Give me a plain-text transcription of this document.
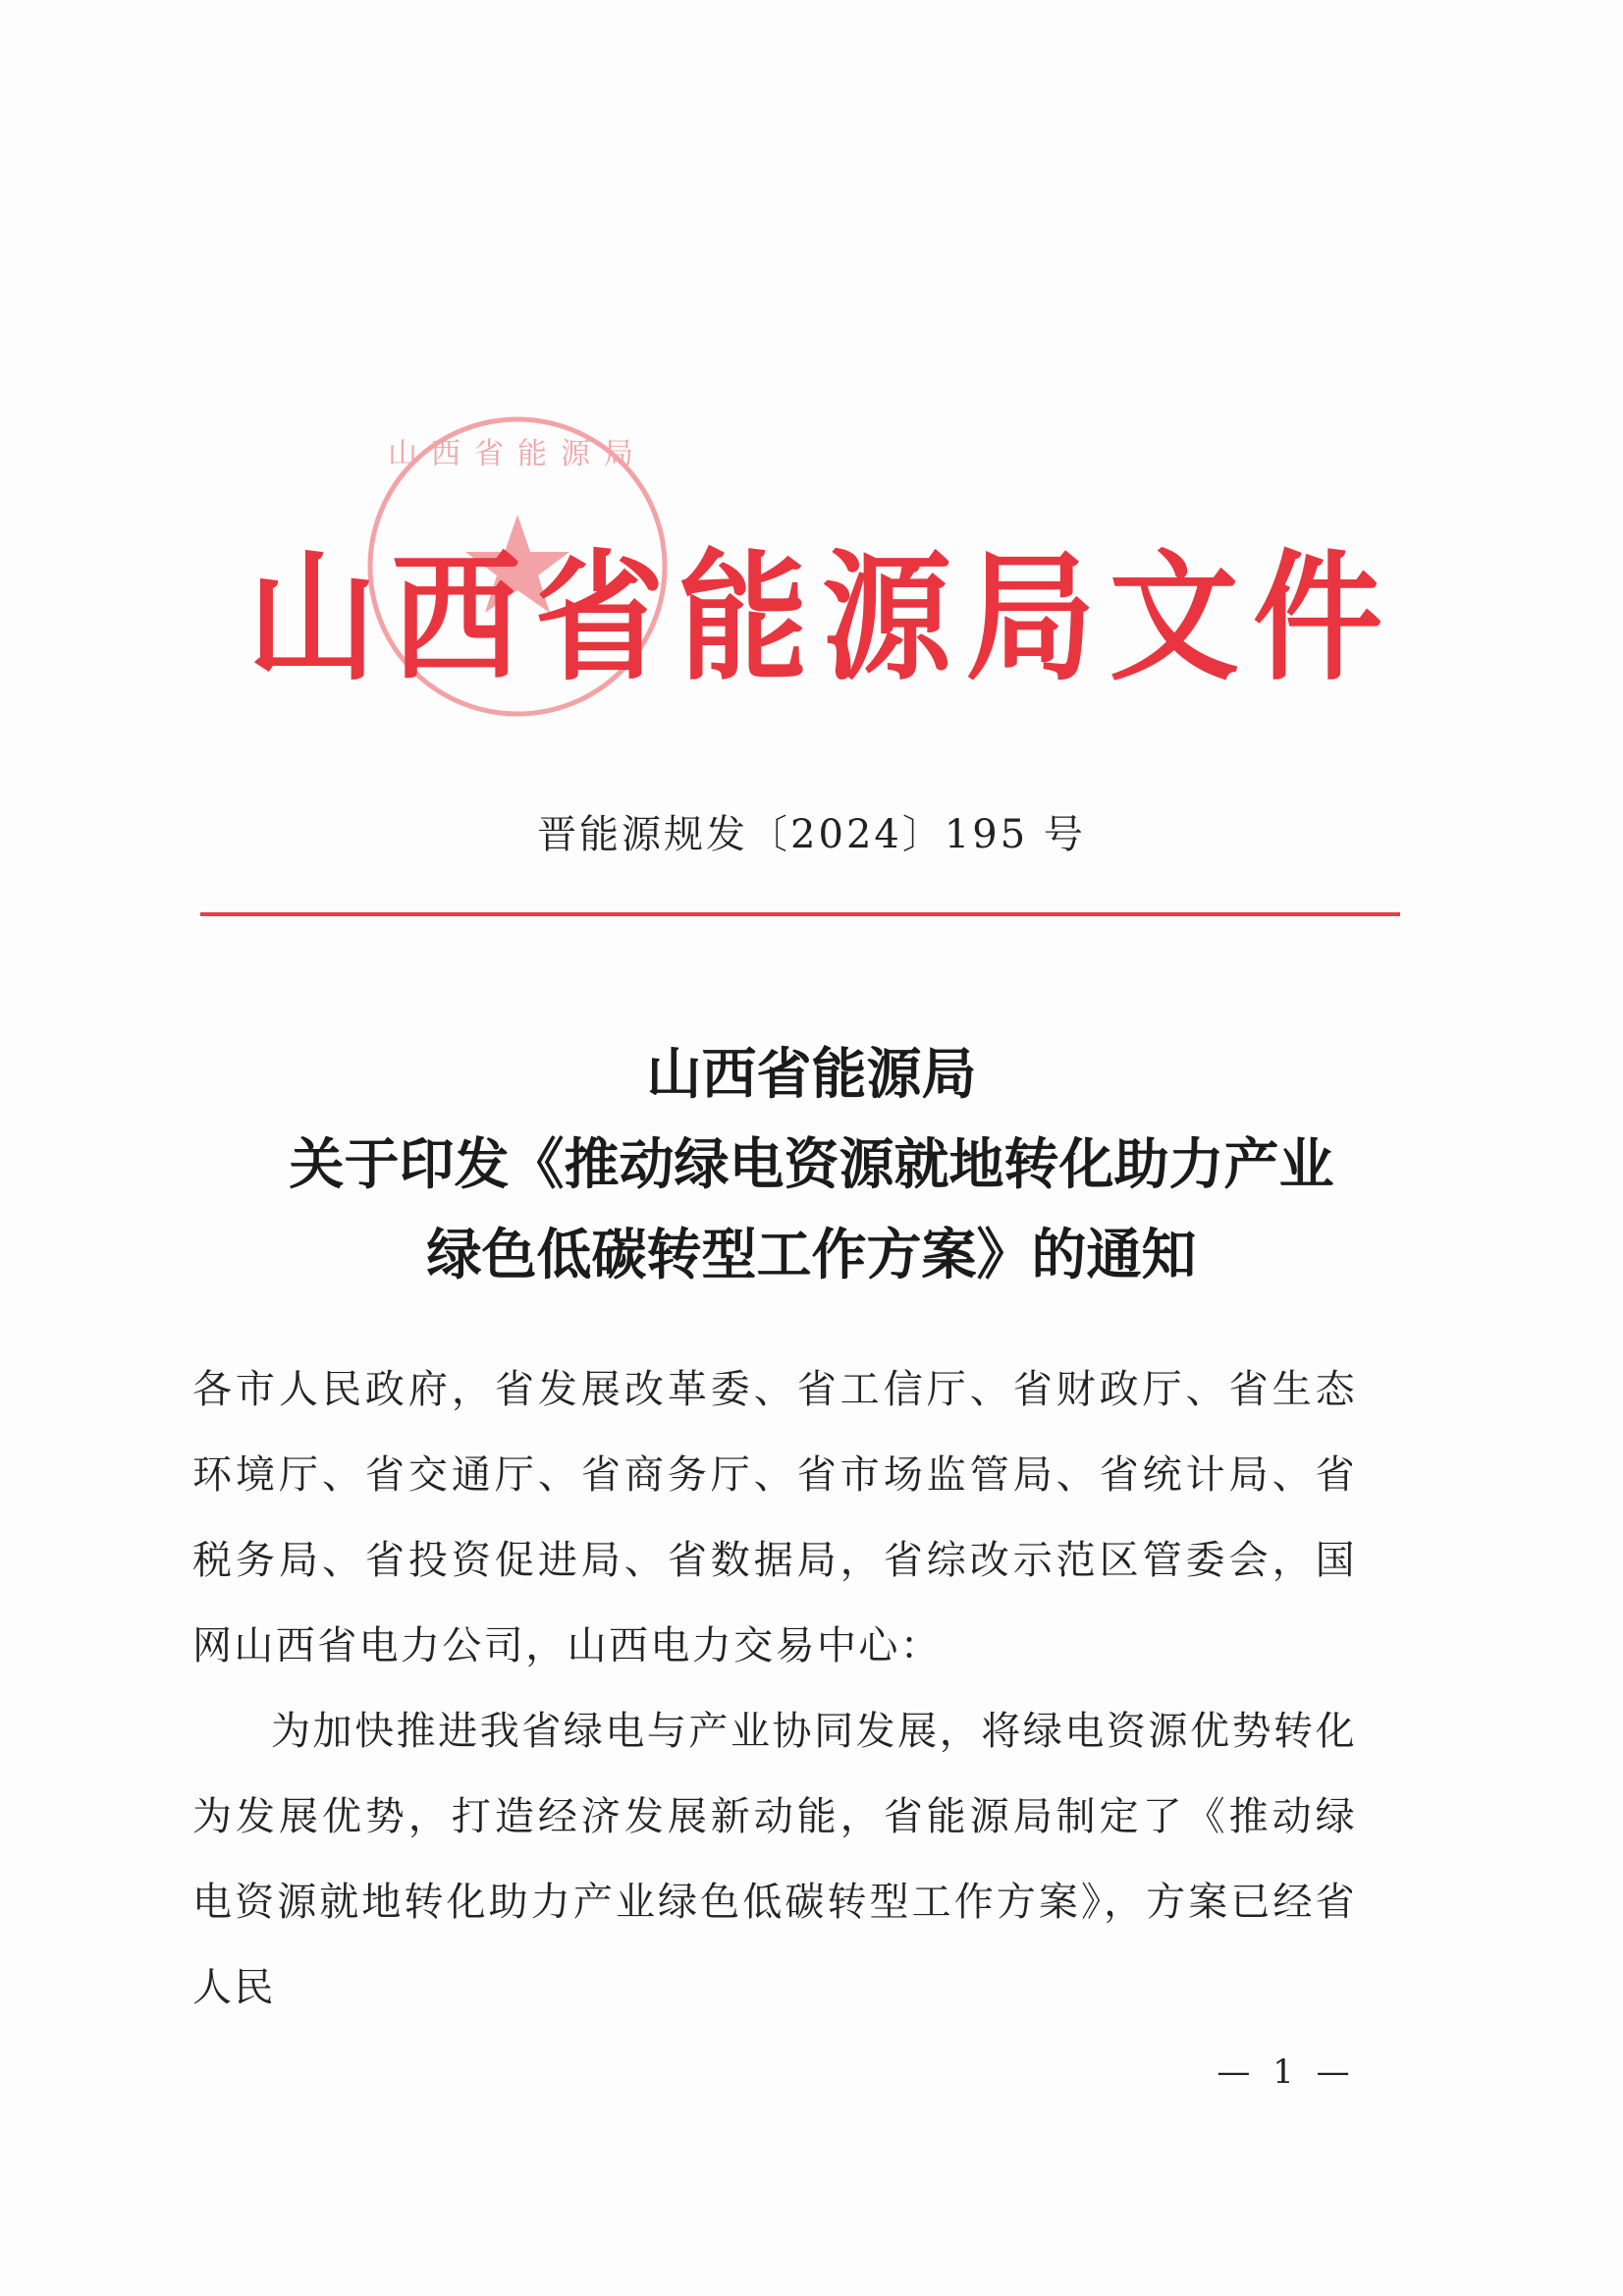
山西省能源局
山 西 省 能 源 局 文 件
晋能源规发〔2024〕195 号
山西省能源局
关于印发《推动绿电资源就地转化助力产业
绿色低碳转型工作方案》的通知

各市人民政府，省发展改革委、省工信厅、省财政厅、省生态环境厅、省交通厅、省商务厅、省市场监管局、省统计局、省税务局、省投资促进局、省数据局，省综改示范区管委会，国网山西省电力公司，山西电力交易中心：

为加快推进我省绿电与产业协同发展，将绿电资源优势转化为发展优势，打造经济发展新动能，省能源局制定了《推动绿电资源就地转化助力产业绿色低碳转型工作方案》，方案已经省人民

— 1 —
